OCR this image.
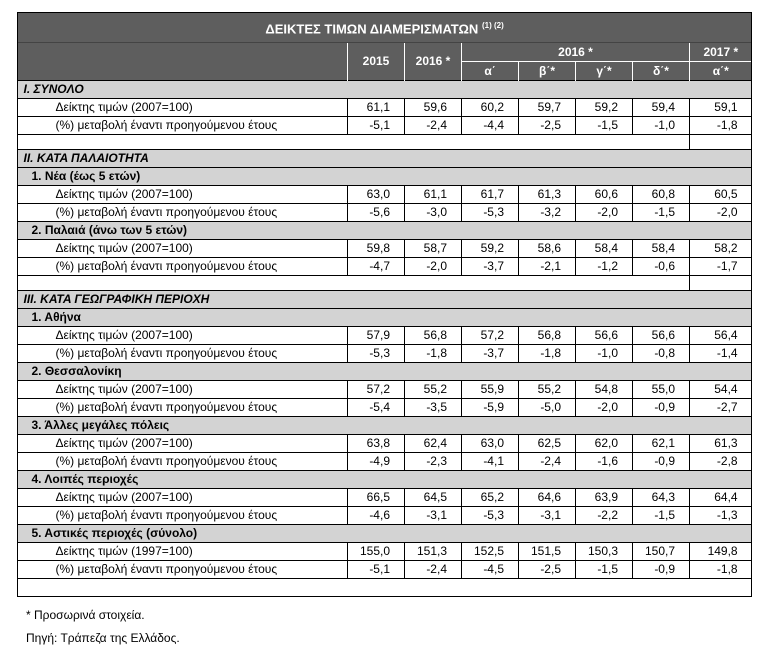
ΔΕΙΚΤΕΣ ΤΙΜΩΝ ΔΙΑΜΕΡΙΣΜΑΤΩΝ $^{(1) (2)}$
	2015	2016 *	2016 *				2017 *
			α΄	β΄*	γ΄*	δ΄*	α΄*
Ι. ΣΥΝΟΛΟ							
Δείκτης τιμών (2007=100)	61,1	59,6	60,2	59,7	59,2	59,4	59,1
(%) μεταβολή έναντι προηγούμενου έτους	-5,1	-2,4	-4,4	-2,5	-1,5	-1,0	-1,8

ΙΙ. ΚΑΤΑ ΠΑΛΑΙΟΤΗΤΑ							
1. Νέα (έως 5 ετών)							
Δείκτης τιμών (2007=100)	63,0	61,1	61,7	61,3	60,6	60,8	60,5
(%) μεταβολή έναντι προηγούμενου έτους	-5,6	-3,0	-5,3	-3,2	-2,0	-1,5	-2,0
2. Παλαιά (άνω των 5 ετών)							
Δείκτης τιμών (2007=100)	59,8	58,7	59,2	58,6	58,4	58,4	58,2
(%) μεταβολή έναντι προηγούμενου έτους	-4,7	-2,0	-3,7	-2,1	-1,2	-0,6	-1,7

ΙΙΙ. ΚΑΤΑ ΓΕΩΓΡΑΦΙΚΗ ΠΕΡΙΟΧΗ							
1. Αθήνα							
Δείκτης τιμών (2007=100)	57,9	56,8	57,2	56,8	56,6	56,6	56,4
(%) μεταβολή έναντι προηγούμενου έτους	-5,3	-1,8	-3,7	-1,8	-1,0	-0,8	-1,4
2. Θεσσαλονίκη							
Δείκτης τιμών (2007=100)	57,2	55,2	55,9	55,2	54,8	55,0	54,4
(%) μεταβολή έναντι προηγούμενου έτους	-5,4	-3,5	-5,9	-5,0	-2,0	-0,9	-2,7
3. Άλλες μεγάλες πόλεις							
Δείκτης τιμών (2007=100)	63,8	62,4	63,0	62,5	62,0	62,1	61,3
(%) μεταβολή έναντι προηγούμενου έτους	-4,9	-2,3	-4,1	-2,4	-1,6	-0,9	-2,8
4. Λοιπές περιοχές							
Δείκτης τιμών (2007=100)	66,5	64,5	65,2	64,6	63,9	64,3	64,4
(%) μεταβολή έναντι προηγούμενου έτους	-4,6	-3,1	-5,3	-3,1	-2,2	-1,5	-1,3
5. Αστικές περιοχές (σύνολο)							
Δείκτης τιμών (1997=100)	155,0	151,3	152,5	151,5	150,3	150,7	149,8
(%) μεταβολή έναντι προηγούμενου έτους	-5,1	-2,4	-4,5	-2,5	-1,5	-0,9	-1,8
* Προσωρινά στοιχεία.
Πηγή: Τράπεζα της Ελλάδος.
